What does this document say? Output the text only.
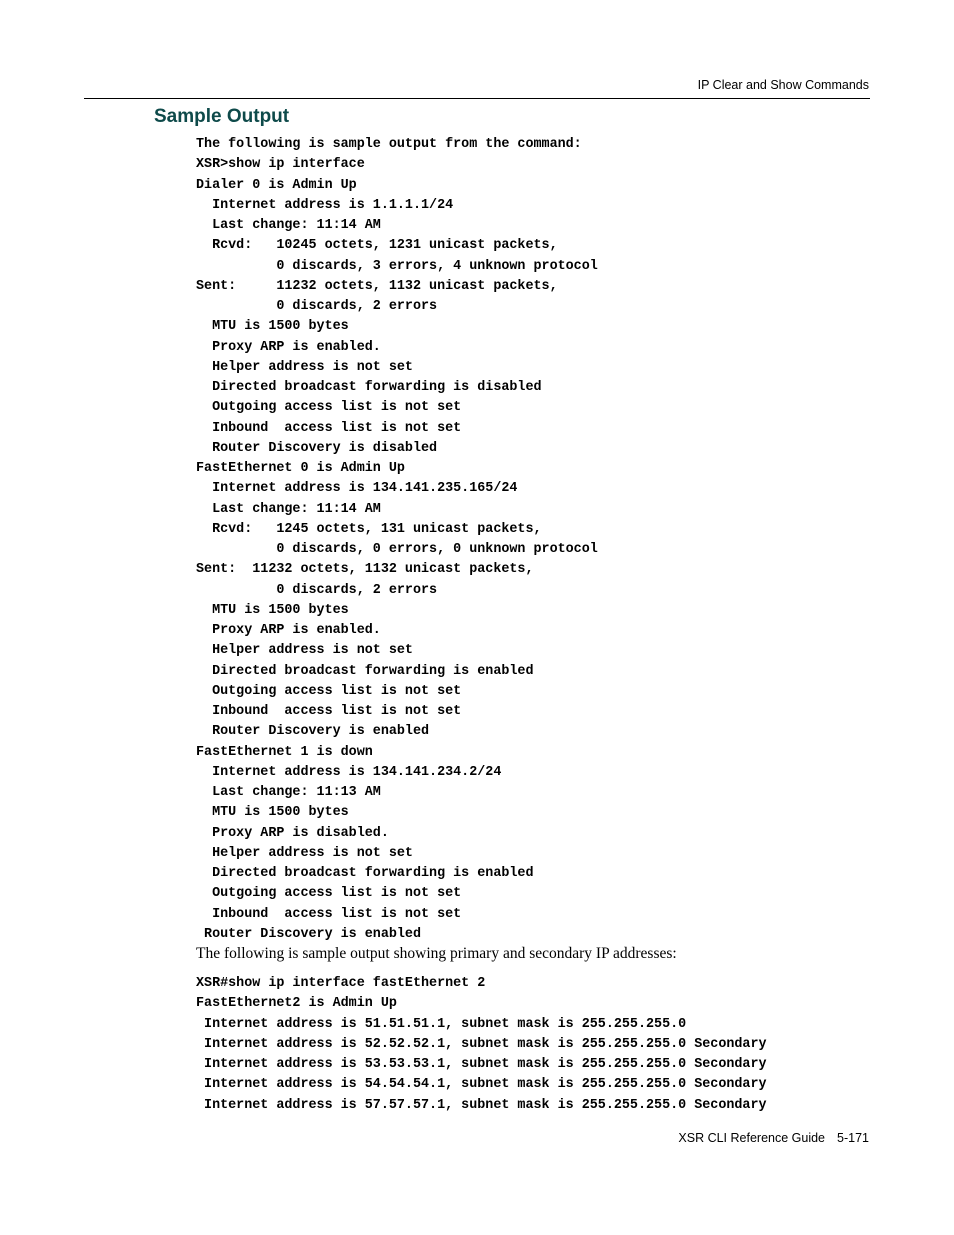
IP Clear and Show Commands
Sample Output
The following is sample output from the command:
XSR>show ip interface
Dialer 0 is Admin Up
Internet address is 1.1.1.1/24
Last change: 11:14 AM
Rcvd:   10245 octets, 1231 unicast packets,
0 discards, 3 errors, 4 unknown protocol
Sent:     11232 octets, 1132 unicast packets,
0 discards, 2 errors
MTU is 1500 bytes
Proxy ARP is enabled.
Helper address is not set
Directed broadcast forwarding is disabled
Outgoing access list is not set
Inbound  access list is not set
Router Discovery is disabled
FastEthernet 0 is Admin Up
Internet address is 134.141.235.165/24
Last change: 11:14 AM
Rcvd:   1245 octets, 131 unicast packets,
0 discards, 0 errors, 0 unknown protocol
Sent:  11232 octets, 1132 unicast packets,
0 discards, 2 errors
MTU is 1500 bytes
Proxy ARP is enabled.
Helper address is not set
Directed broadcast forwarding is enabled
Outgoing access list is not set
Inbound  access list is not set
Router Discovery is enabled
FastEthernet 1 is down
Internet address is 134.141.234.2/24
Last change: 11:13 AM
MTU is 1500 bytes
Proxy ARP is disabled.
Helper address is not set
Directed broadcast forwarding is enabled
Outgoing access list is not set
Inbound  access list is not set
Router Discovery is enabled

The following is sample output showing primary and secondary IP addresses:

XSR#show ip interface fastEthernet 2
FastEthernet2 is Admin Up
Internet address is 51.51.51.1, subnet mask is 255.255.255.0
Internet address is 52.52.52.1, subnet mask is 255.255.255.0 Secondary
Internet address is 53.53.53.1, subnet mask is 255.255.255.0 Secondary
Internet address is 54.54.54.1, subnet mask is 255.255.255.0 Secondary
Internet address is 57.57.57.1, subnet mask is 255.255.255.0 Secondary
XSR CLI Reference Guide 5-171
